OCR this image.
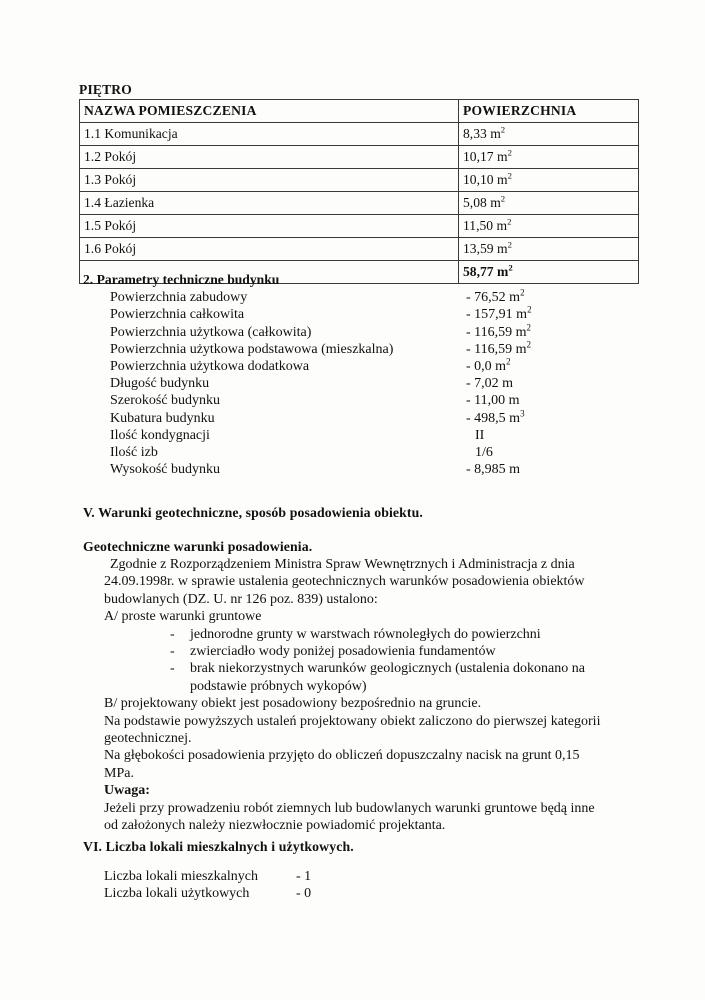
PIĘTRO
NAZWA POMIESZCZENIA	POWIERZCHNIA
1.1 Komunikacja	8,33 $m^2$
1.2 Pokój	10,17 $m^2$
1.3 Pokój	10,10 $m^2$
1.4 Łazienka	5,08 $m^2$
1.5 Pokój	11,50 $m^2$
1.6 Pokój	13,59 $m^2$
	58,77 $m^2$
2. Parametry techniczne budynku
Powierzchnia zabudowy	- 76,52 $m^2$
Powierzchnia całkowita	- 157,91 $m^2$
Powierzchnia użytkowa (całkowita)	- 116,59 $m^2$
Powierzchnia użytkowa podstawowa (mieszkalna)	- 116,59 $m^2$
Powierzchnia użytkowa dodatkowa	- 0,0 $m^2$
Długość budynku	- 7,02 m
Szerokość budynku	- 11,00 m
Kubatura budynku	- 498,5 $m^3$
Ilość kondygnacji	II
Ilość izb	1/6
Wysokość budynku	- 8,985 m
V. Warunki geotechniczne, sposób posadowienia obiektu.
Geotechniczne warunki posadowienia.

Zgodnie z Rozporządzeniem Ministra Spraw Wewnętrznych i Administracja z dnia 24.09.1998r. w sprawie ustalenia geotechnicznych warunków posadowienia obiektów budowlanych (DZ. U. nr 126 poz. 839) ustalono:

A/ proste warunki gruntowe

- jednorodne grunty w warstwach równoległych do powierzchni
- zwierciadło wody poniżej posadowienia fundamentów
- brak niekorzystnych warunków geologicznych (ustalenia dokonano na podstawie próbnych wykopów)

B/ projektowany obiekt jest posadowiony bezpośrednio na gruncie.

Na podstawie powyższych ustaleń projektowany obiekt zaliczono do pierwszej kategorii geotechnicznej.

Na głębokości posadowienia przyjęto do obliczeń dopuszczalny nacisk na grunt 0,15 MPa.

Uwaga:

Jeżeli przy prowadzeniu robót ziemnych lub budowlanych warunki gruntowe będą inne od założonych należy niezwłocznie powiadomić projektanta.

VI. Liczba lokali mieszkalnych i użytkowych.
Liczba lokali mieszkalnych	- 1
Liczba lokali użytkowych	- 0
